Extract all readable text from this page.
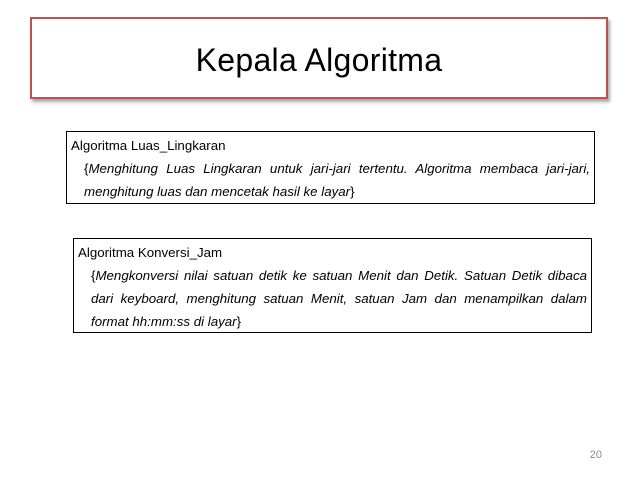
Kepala Algoritma
Algoritma Luas_Lingkaran
{Menghitung Luas Lingkaran untuk jari-jari tertentu. Algoritma membaca jari-jari, menghitung luas dan mencetak hasil ke layar}
Algoritma Konversi_Jam
{Mengkonversi nilai satuan detik ke satuan Menit dan Detik. Satuan Detik dibaca dari keyboard, menghitung satuan Menit, satuan Jam dan menampilkan dalam format hh:mm:ss di layar}
20
